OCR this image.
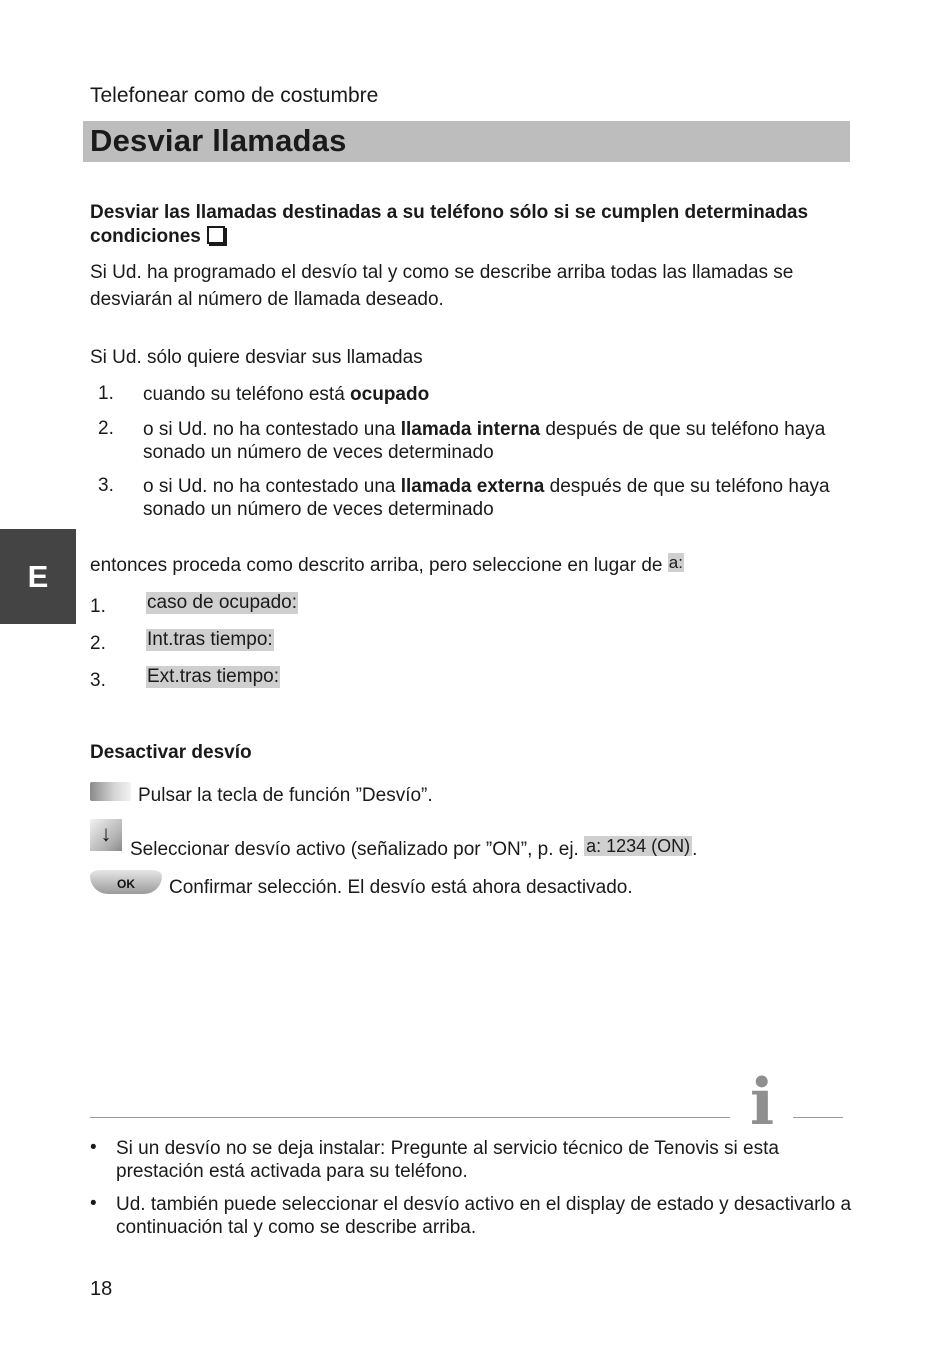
Telefonear como de costumbre
Desviar llamadas
Desviar las llamadas destinadas a su teléfono sólo si se cumplen determinadas condiciones
Si Ud. ha programado el desvío tal y como se describe arriba todas las llamadas se desviarán al número de llamada deseado.
Si Ud. sólo quiere desviar sus llamadas
1. cuando su teléfono está ocupado
2. o si Ud. no ha contestado una llamada interna después de que su teléfono haya sonado un número de veces determinado
3. o si Ud. no ha contestado una llamada externa después de que su teléfono haya sonado un número de veces determinado
E	entonces proceda como descrito arriba, pero seleccione en lugar de a:
1. caso de ocupado:
2. Int.tras tiempo:
3. Ext.tras tiempo:
Desactivar desvío
Pulsar la tecla de función ”Desvío”.
↓
Seleccionar desvío activo (señalizado por ”ON”, p. ej. a: 1234 (ON) .
OK	Confirmar selección. El desvío está ahora desactivado.
i
• Si un desvío no se deja instalar: Pregunte al servicio técnico de Tenovis si esta prestación está activada para su teléfono.
• Ud. también puede seleccionar el desvío activo en el display de estado y desactivarlo a continuación tal y como se describe arriba.
18
